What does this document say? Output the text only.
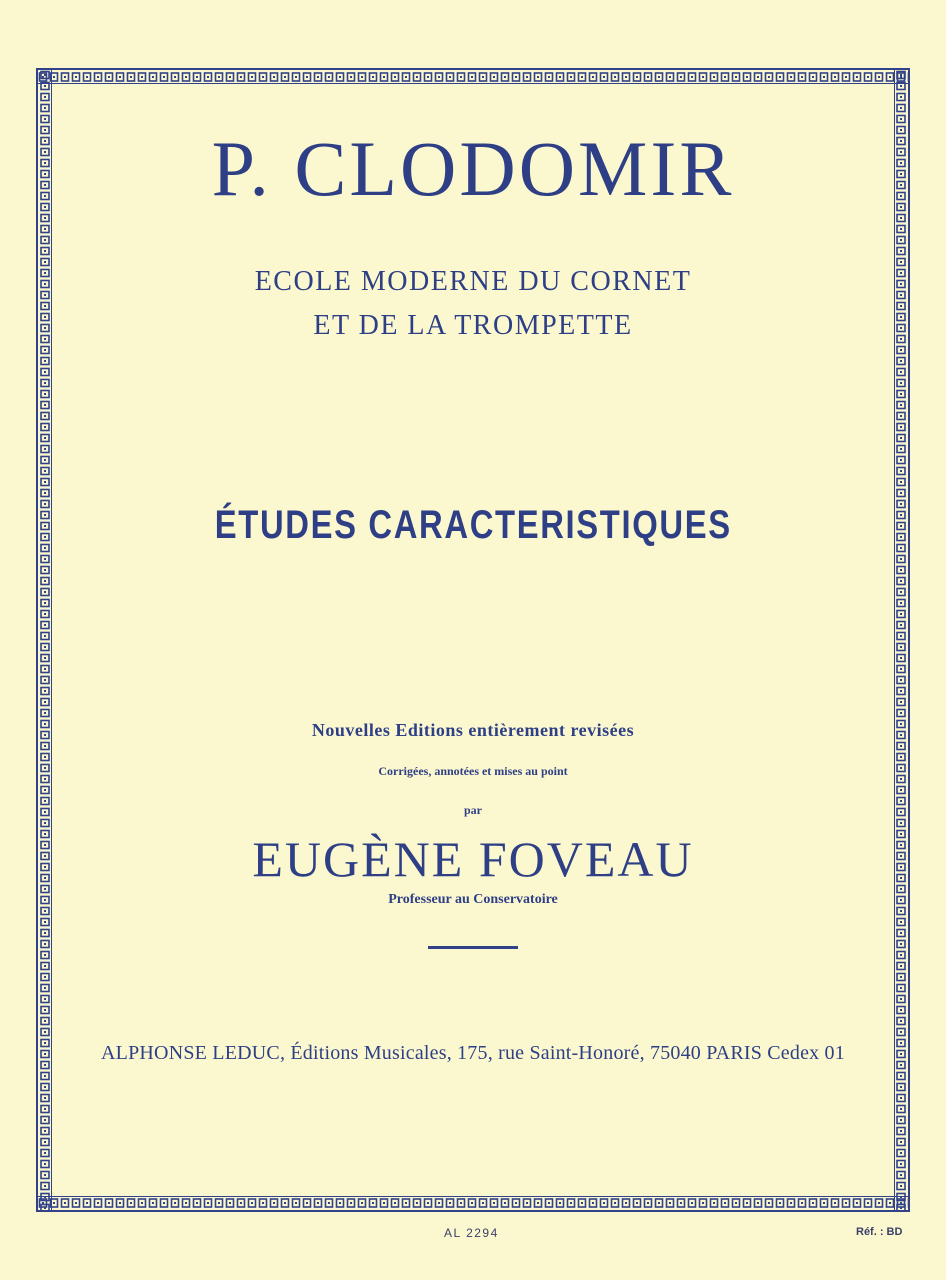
P. CLODOMIR
ECOLE MODERNE DU CORNET
ET DE LA TROMPETTE
ÉTUDES CARACTERISTIQUES
Nouvelles Editions entièrement revisées
Corrigées, annotées et mises au point
par
EUGÈNE FOVEAU
Professeur au Conservatoire
ALPHONSE LEDUC, Éditions Musicales, 175, rue Saint-Honoré, 75040 PARIS Cedex 01
AL 2294	Réf. : BD
